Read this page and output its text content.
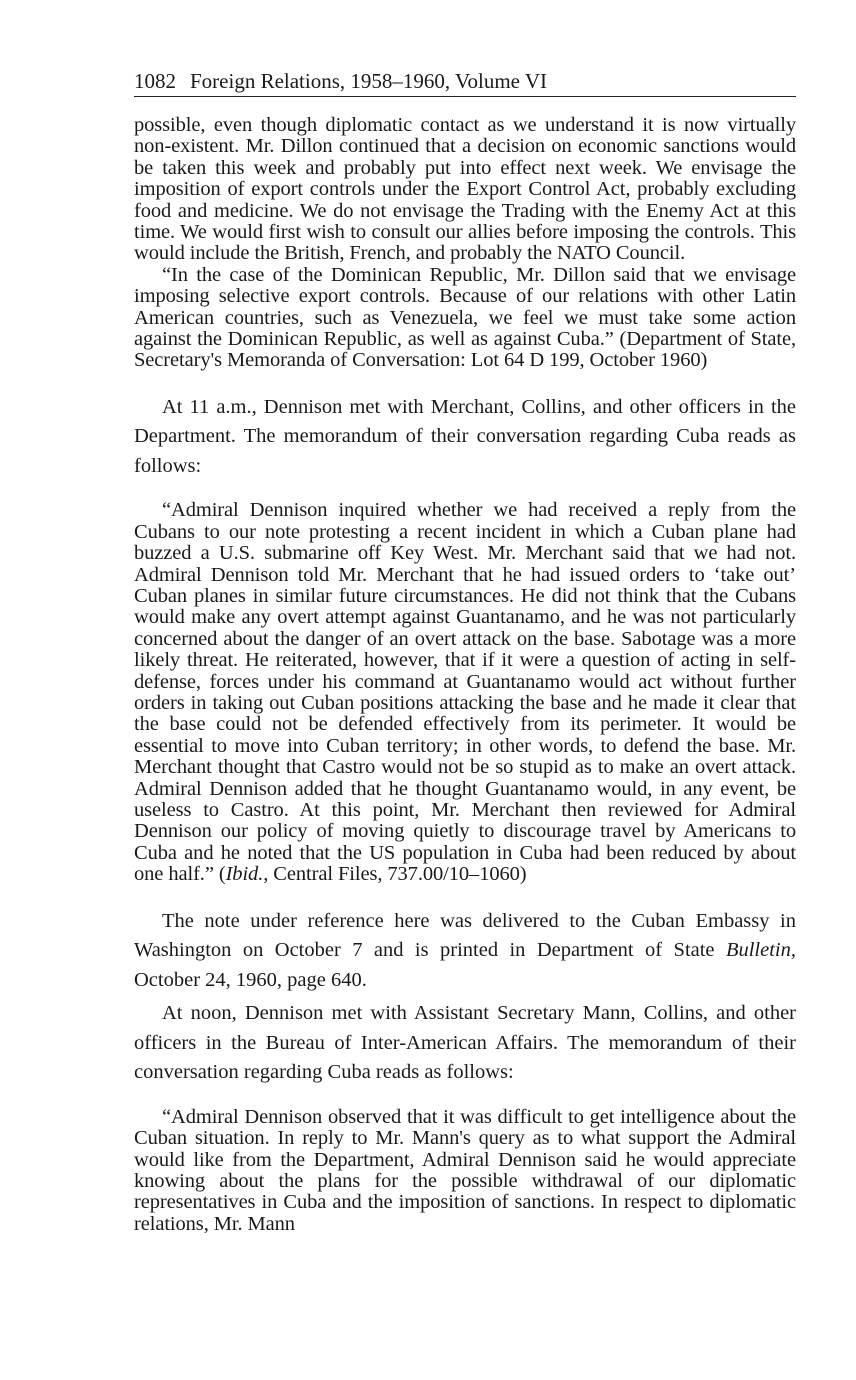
1082 Foreign Relations, 1958–1960, Volume VI

possible, even though diplomatic contact as we understand it is now virtually non-existent. Mr. Dillon continued that a decision on economic sanctions would be taken this week and probably put into effect next week. We envisage the imposition of export controls under the Export Control Act, probably excluding food and medicine. We do not envisage the Trading with the Enemy Act at this time. We would first wish to consult our allies before imposing the controls. This would include the British, French, and probably the NATO Council.

“In the case of the Dominican Republic, Mr. Dillon said that we envisage imposing selective export controls. Because of our relations with other Latin American countries, such as Venezuela, we feel we must take some action against the Dominican Republic, as well as against Cuba.” (Department of State, Secretary's Memoranda of Conversation: Lot 64 D 199, October 1960)

At 11 a.m., Dennison met with Merchant, Collins, and other officers in the Department. The memorandum of their conversation regarding Cuba reads as follows:

“Admiral Dennison inquired whether we had received a reply from the Cubans to our note protesting a recent incident in which a Cuban plane had buzzed a U.S. submarine off Key West. Mr. Merchant said that we had not. Admiral Dennison told Mr. Merchant that he had issued orders to ‘take out’ Cuban planes in similar future circumstances. He did not think that the Cubans would make any overt attempt against Guantanamo, and he was not particularly concerned about the danger of an overt attack on the base. Sabotage was a more likely threat. He reiterated, however, that if it were a question of acting in self-defense, forces under his command at Guantanamo would act without further orders in taking out Cuban positions attacking the base and he made it clear that the base could not be defended effectively from its perimeter. It would be essential to move into Cuban territory; in other words, to defend the base. Mr. Merchant thought that Castro would not be so stupid as to make an overt attack. Admiral Dennison added that he thought Guantanamo would, in any event, be useless to Castro. At this point, Mr. Merchant then reviewed for Admiral Dennison our policy of moving quietly to discourage travel by Americans to Cuba and he noted that the US population in Cuba had been reduced by about one half.” (Ibid., Central Files, 737.00/10–1060)

The note under reference here was delivered to the Cuban Embassy in Washington on October 7 and is printed in Department of State Bulletin, October 24, 1960, page 640.

At noon, Dennison met with Assistant Secretary Mann, Collins, and other officers in the Bureau of Inter-American Affairs. The memorandum of their conversation regarding Cuba reads as follows:

“Admiral Dennison observed that it was difficult to get intelligence about the Cuban situation. In reply to Mr. Mann's query as to what support the Admiral would like from the Department, Admiral Dennison said he would appreciate knowing about the plans for the possible withdrawal of our diplomatic representatives in Cuba and the imposition of sanctions. In respect to diplomatic relations, Mr. Mann
